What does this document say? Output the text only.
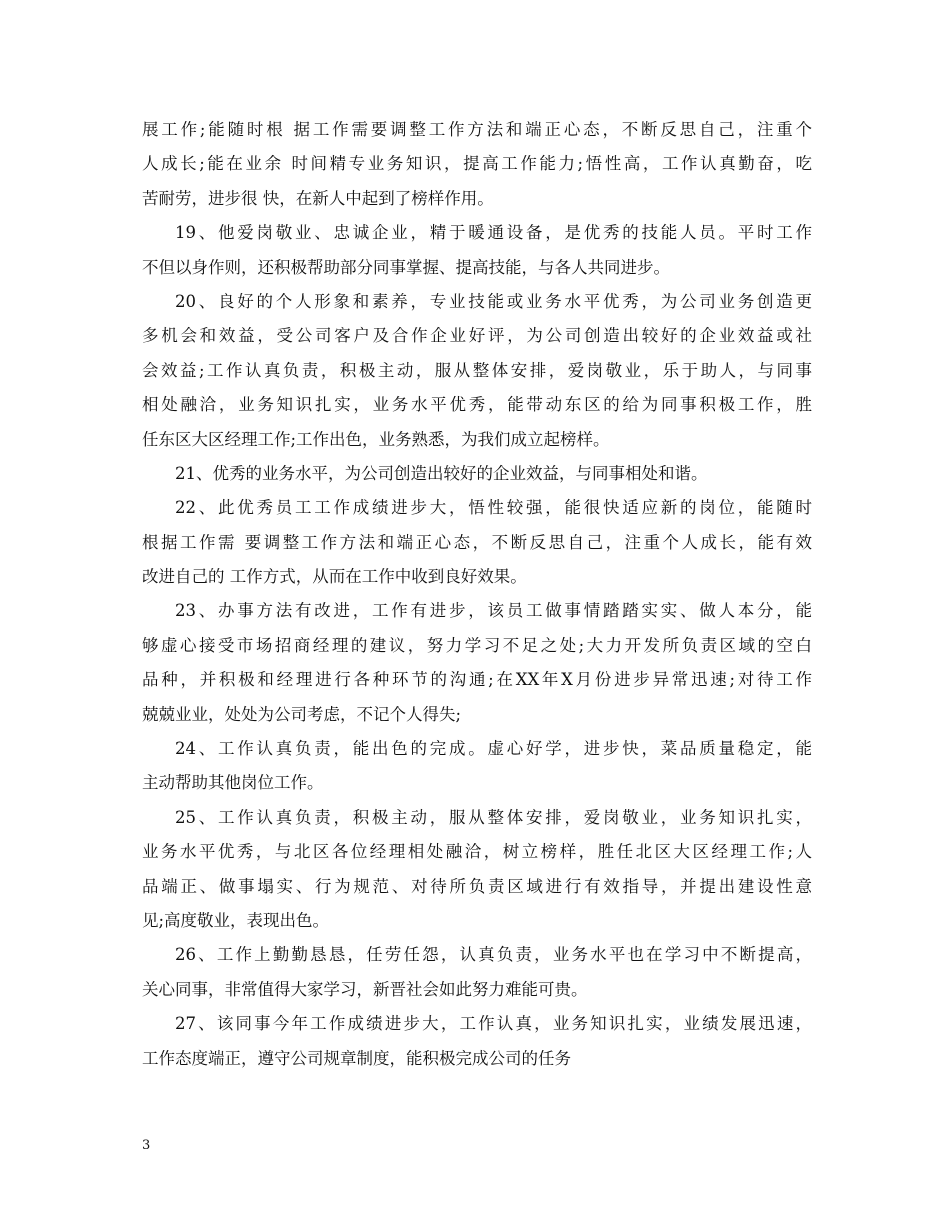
展工作;能随时根 据工作需要调整工作方法和端正心态，不断反思自己，注重个
人成长;能在业余 时间精专业务知识，提高工作能力;悟性高，工作认真勤奋，吃
苦耐劳，进步很 快，在新人中起到了榜样作用。
19、他爱岗敬业、忠诚企业，精于暖通设备，是优秀的技能人员。平时工作
不但以身作则，还积极帮助部分同事掌握、提高技能，与各人共同进步。
20、良好的个人形象和素养，专业技能或业务水平优秀，为公司业务创造更
多机会和效益，受公司客户及合作企业好评，为公司创造出较好的企业效益或社
会效益;工作认真负责，积极主动，服从整体安排，爱岗敬业，乐于助人，与同事
相处融洽，业务知识扎实，业务水平优秀，能带动东区的给为同事积极工作，胜
任东区大区经理工作;工作出色，业务熟悉，为我们成立起榜样。
21、优秀的业务水平，为公司创造出较好的企业效益，与同事相处和谐。
22、此优秀员工工作成绩进步大，悟性较强，能很快适应新的岗位，能随时
根据工作需 要调整工作方法和端正心态，不断反思自己，注重个人成长，能有效
改进自己的 工作方式，从而在工作中收到良好效果。
23、办事方法有改进，工作有进步，该员工做事情踏踏实实、做人本分，能
够虚心接受市场招商经理的建议，努力学习不足之处;大力开发所负责区域的空白
品种，并积极和经理进行各种环节的沟通;在XX年X月份进步异常迅速;对待工作
兢兢业业，处处为公司考虑，不记个人得失;
24、工作认真负责，能出色的完成。虚心好学，进步快，菜品质量稳定，能
主动帮助其他岗位工作。
25、工作认真负责，积极主动，服从整体安排，爱岗敬业，业务知识扎实，
业务水平优秀，与北区各位经理相处融洽，树立榜样，胜任北区大区经理工作;人
品端正、做事塌实、行为规范、对待所负责区域进行有效指导，并提出建设性意
见;高度敬业，表现出色。
26、工作上勤勤恳恳，任劳任怨，认真负责，业务水平也在学习中不断提高，
关心同事，非常值得大家学习，新晋社会如此努力难能可贵。
27、该同事今年工作成绩进步大，工作认真，业务知识扎实，业绩发展迅速，
工作态度端正，遵守公司规章制度，能积极完成公司的任务
3
